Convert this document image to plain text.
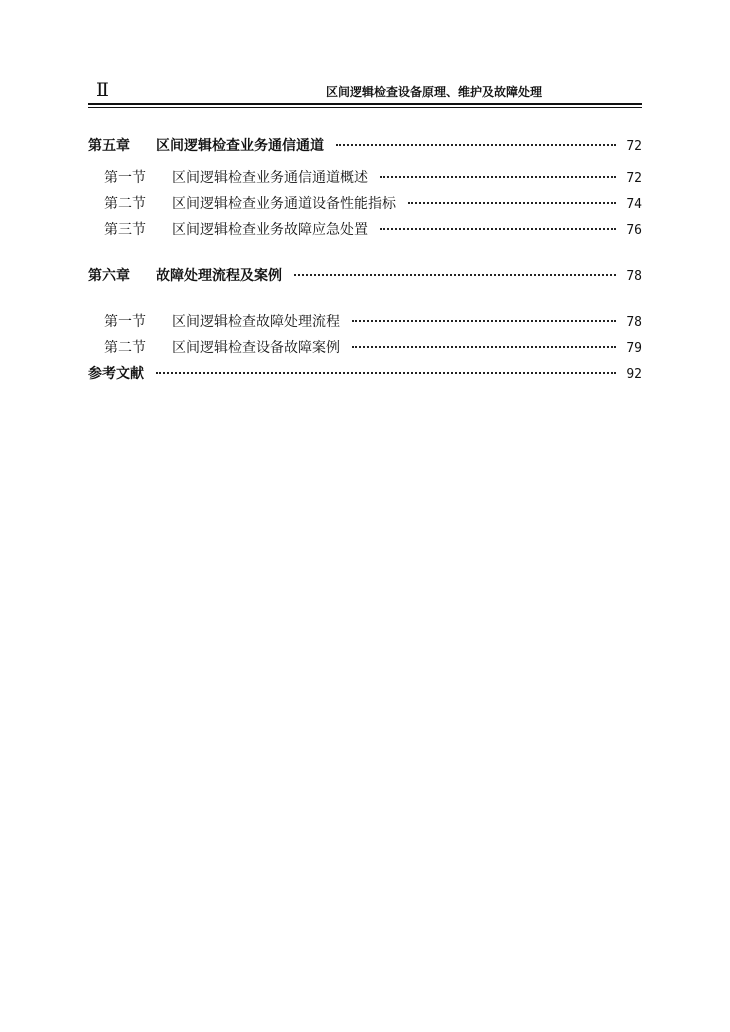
Ⅱ	区间逻辑检查设备原理、维护及故障处理
第五章	区间逻辑检查业务通信通道	72
第一节	区间逻辑检查业务通信通道概述	72
第二节	区间逻辑检查业务通道设备性能指标	74
第三节	区间逻辑检查业务故障应急处置	76
第六章	故障处理流程及案例	78
第一节	区间逻辑检查故障处理流程	78
第二节	区间逻辑检查设备故障案例	79
参考文献	92
